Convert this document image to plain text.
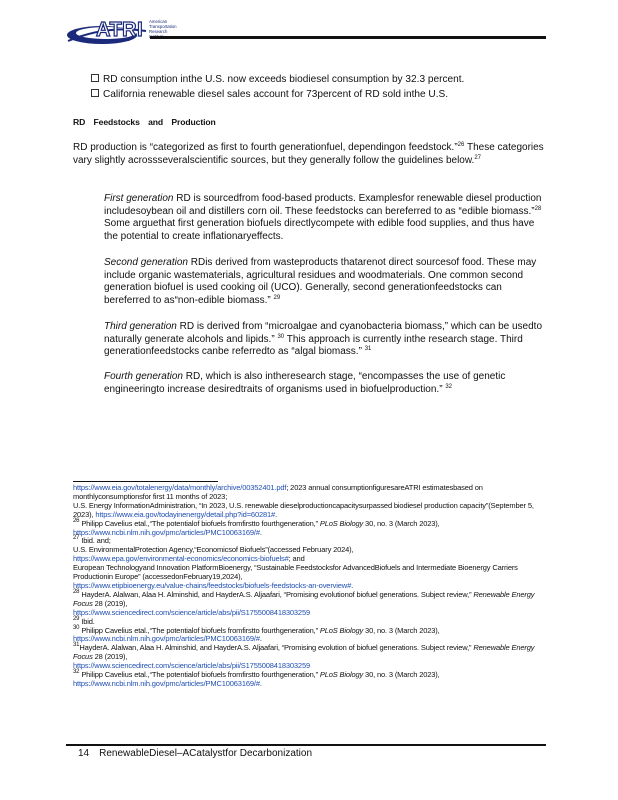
ATRI American
Transportation
Research
RD consumption inthe U.S. now exceeds biodiesel consumption by 32.3 percent.
California renewable diesel sales account for 73percent of RD sold inthe U.S.
RD Feedstocks and Production
RD production is “categorized as first to fourth generationfuel, dependingon feedstock.”$^{26}$ These categories vary slightly acrossseveralscientific sources, but they generally follow the guidelines below.$^{27}$
First generation RD is sourcedfrom food-based products. Examplesfor renewable diesel production includesoybean oil and distillers corn oil. These feedstocks can bereferred to as “edible biomass.”$^{28}$ Some arguethat first generation biofuels directlycompete with edible food supplies, and thus have the potential to create inflationaryeffects.
Second generation RDis derived from wasteproducts thatarenot direct sourcesof food. These may include organic wastematerials, agricultural residues and woodmaterials. One common second generation biofuel is used cooking oil (UCO). Generally, second generationfeedstocks can bereferred to as“non-edible biomass.” $^{29}$
Third generation RD is derived from “microalgae and cyanobacteria biomass,” which can be usedto naturally generate alcohols and lipids.” $^{30}$ This approach is currently inthe research stage. Third generationfeedstocks canbe referredto as “algal biomass.” $^{31}$
Fourth generation RD, which is also intheresearch stage, “encompasses the use of genetic engineeringto increase desiredtraits of organisms used in biofuelproduction.” $^{32}$

https://www.eia.gov/totalenergy/data/monthly/archive/00352401.pdf; 2023 annual consumptionfiguresareATRI estimatesbased on monthlyconsumptionsfor first 11 months of 2023;

U.S. Energy InformationAdministration, “In 2023, U.S. renewable dieselproductioncapacitysurpassed biodiesel production capacity”(September 5, 2023), https://www.eia.gov/todayinenergy/detail.php?id=60281#.

$^{26}$ Philipp Cavelius etal.,“The potentialof biofuels fromfirstto fourthgeneration,” PLoS Biology 30, no. 3 (March 2023), https://www.ncbi.nlm.nih.gov/pmc/articles/PMC10063169/#.

$^{27}$ Ibid. and;

U.S. EnvironmentalProtection Agency,“Economicsof Biofuels”(accessed February 2024),

https://www.epa.gov/environmental-economics/economics-biofuels#; and

European Technologyand Innovation PlatformBioenergy, “Sustainable Feedstocksfor AdvancedBiofuels and Intermediate Bioenergy Carriers Productionin Europe” (accessedonFebruary19,2024),

https://www.etipbioenergy.eu/value-chains/feedstocks/biofuels-feedstocks-an-overview#.

$^{28}$ HayderA. Alalwan, Alaa H. Alminshid, and HayderA.S. Aljaafari, “Promising evolutionof biofuel generations. Subject review,” Renewable Energy Focus 28 (2019),

https://www.sciencedirect.com/science/article/abs/pii/S1755008418303259

$^{29}$ Ibid.

$^{30}$ Philipp Cavelius etal.,“The potentialof biofuels fromfirstto fourthgeneration,” PLoS Biology 30, no. 3 (March 2023), https://www.ncbi.nlm.nih.gov/pmc/articles/PMC10063169/#.

$^{31}$HayderA. Alalwan, Alaa H. Alminshid, and HayderA.S. Aljaafari, “Promising evolution of biofuel generations. Subject review,” Renewable Energy Focus 28 (2019),

https://www.sciencedirect.com/science/article/abs/pii/S1755008418303259

$^{32}$ Philipp Cavelius etal.,“The potentialof biofuels fromfirstto fourthgeneration,” PLoS Biology 30, no. 3 (March 2023), https://www.ncbi.nlm.nih.gov/pmc/articles/PMC10063169/#.

14 RenewableDiesel–ACatalystfor Decarbonization
